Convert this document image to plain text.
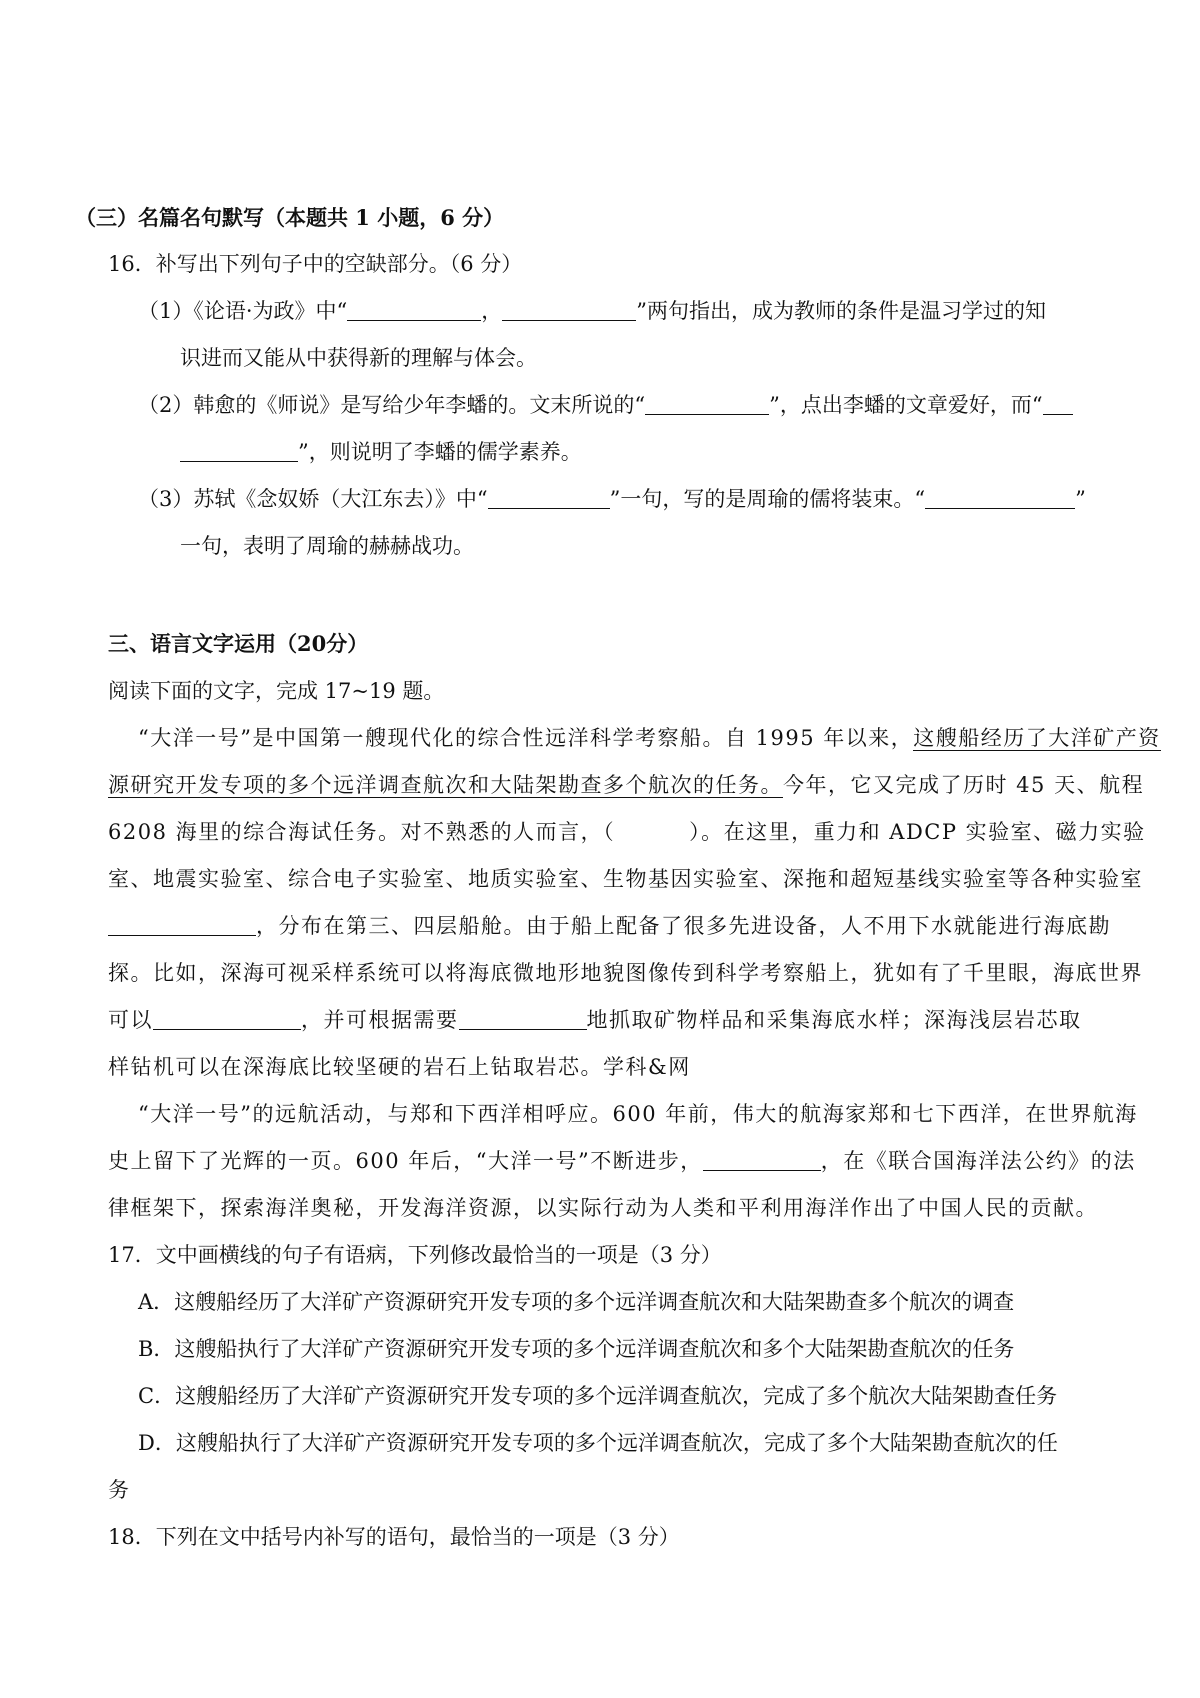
（三）名篇名句默写（本题共 1 小题，6 分）
16．补写出下列句子中的空缺部分。（6 分）
（1）《论语·为政》中“	，	”两句指出，成为教师的条件是温习学过的知
识进而又能从中获得新的理解与体会。
（2）韩愈的《师说》是写给少年李蟠的。文末所说的“	”，点出李蟠的文章爱好，而“
”，则说明了李蟠的儒学素养。
（3）苏轼《念奴娇（大江东去）》中“	”一句，写的是周瑜的儒将装束。“	”
一句，表明了周瑜的赫赫战功。
三、语言文字运用（20分）
阅读下面的文字，完成 17~19 题。
“大洋一号”是中国第一艘现代化的综合性远洋科学考察船。自 1995 年以来，这艘船经历了大洋矿产资
源研究开发专项的多个远洋调查航次和大陆架勘查多个航次的任务。今年，它又完成了历时 45 天、航程
6208 海里的综合海试任务。对不熟悉的人而言，（	）。在这里，重力和 ADCP 实验室、磁力实验
室、地震实验室、综合电子实验室、地质实验室、生物基因实验室、深拖和超短基线实验室等各种实验室
，分布在第三、四层船舱。由于船上配备了很多先进设备，人不用下水就能进行海底勘
探。比如，深海可视采样系统可以将海底微地形地貌图像传到科学考察船上，犹如有了千里眼，海底世界
可以	，并可根据需要	地抓取矿物样品和采集海底水样；深海浅层岩芯取
样钻机可以在深海底比较坚硬的岩石上钻取岩芯。学科&网
“大洋一号”的远航活动，与郑和下西洋相呼应。600 年前，伟大的航海家郑和七下西洋，在世界航海
史上留下了光辉的一页。600 年后，“大洋一号”不断进步，	，在《联合国海洋法公约》的法
律框架下，探索海洋奥秘，开发海洋资源，以实际行动为人类和平利用海洋作出了中国人民的贡献。
17．文中画横线的句子有语病，下列修改最恰当的一项是（3 分）
A．这艘船经历了大洋矿产资源研究开发专项的多个远洋调查航次和大陆架勘查多个航次的调查
B．这艘船执行了大洋矿产资源研究开发专项的多个远洋调查航次和多个大陆架勘查航次的任务
C．这艘船经历了大洋矿产资源研究开发专项的多个远洋调查航次，完成了多个航次大陆架勘查任务
D．这艘船执行了大洋矿产资源研究开发专项的多个远洋调查航次，完成了多个大陆架勘查航次的任
务
18．下列在文中括号内补写的语句，最恰当的一项是（3 分）
